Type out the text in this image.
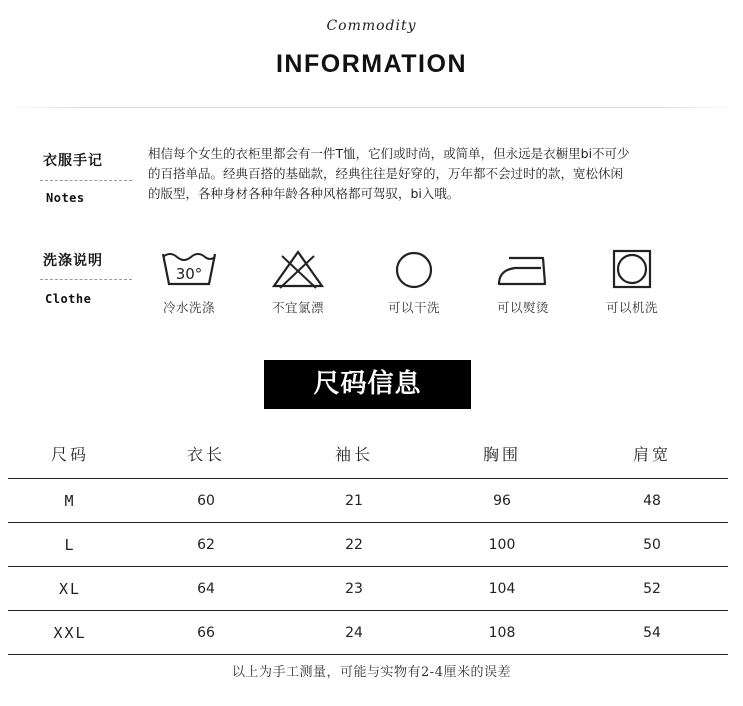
Commodity
INFORMATION
衣服手记
Notes
相信每个女生的衣柜里都会有一件T恤，它们或时尚，或简单，但永远是衣橱里bi不可少
的百搭单品。经典百搭的基础款，经典往往是好穿的，万年都不会过时的款，宽松休闲
的版型，各种身材各种年龄各种风格都可驾驭，bi入哦。
洗涤说明
Clothe
30°
冷水洗涤	不宜氯漂	可以干洗	可以熨烫	可以机洗
尺码信息
尺码	衣长	袖长	胸围	肩宽
M	60	21	96	48
L	62	22	100	50
XL	64	23	104	52
XXL	66	24	108	54
以上为手工测量，可能与实物有2-4厘米的误差
